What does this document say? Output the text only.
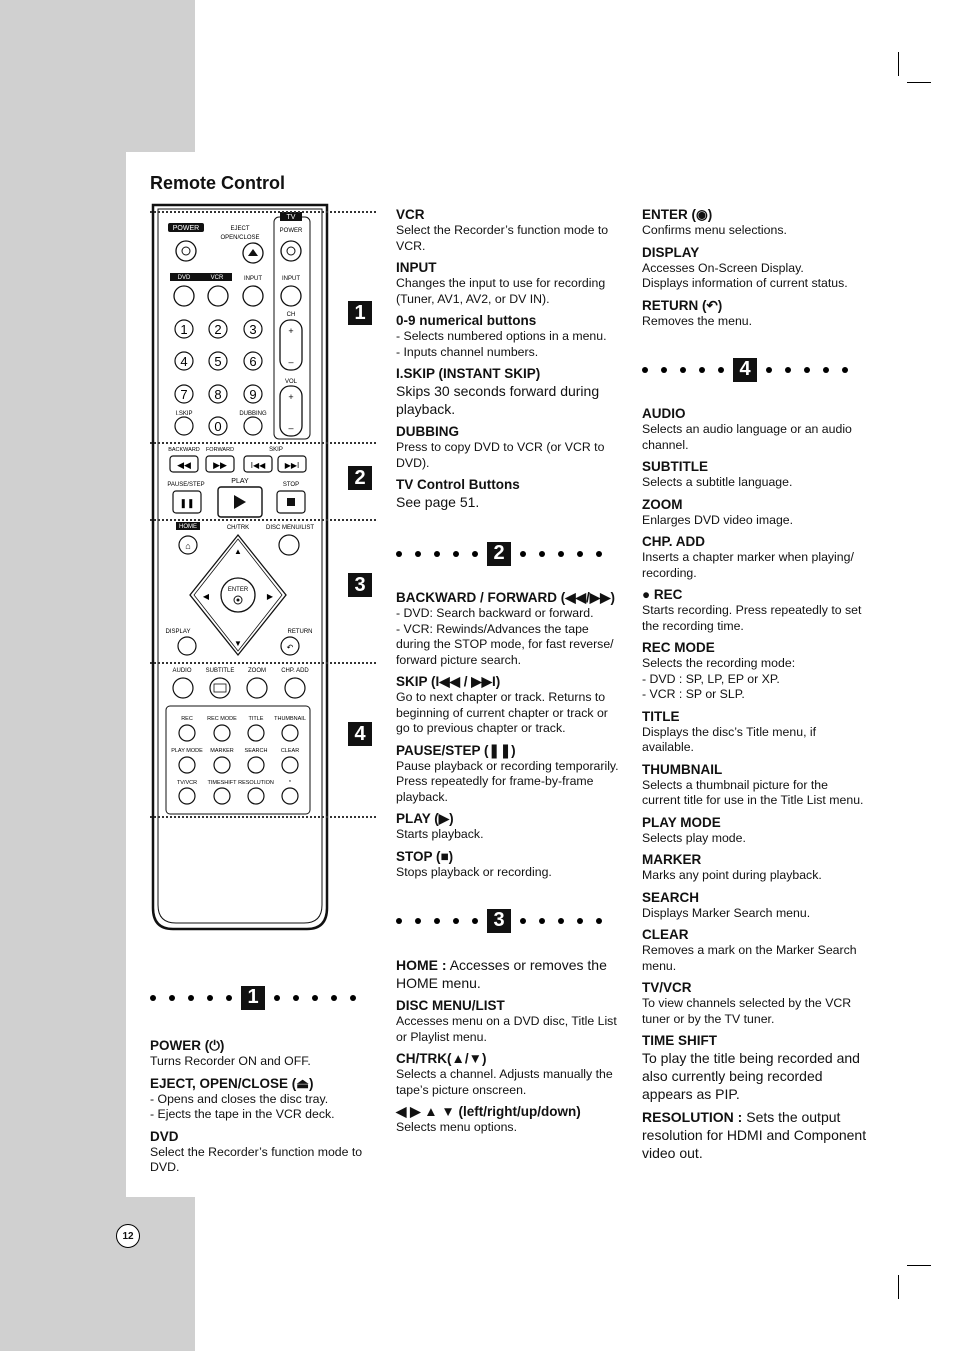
Remote Control
TV
POWER	EJECT
OPEN/CLOSE
POWER
DVD	VCR	INPUT	INPUT
CH
+
–
VOL
+
–
1 2 3
4 5 6
7 8 9
0
I.SKIP	DUBBING
BACKWARD FORWARD	SKIP
◀◀ ▶▶	I◀◀ ▶▶I
PAUSE/STEP	PLAY	STOP
❚❚
HOME	CH/TRK	DISC MENU/LIST
⌂
▲
▼
◀	▶
ENTER
DISPLAY	RETURN
↶
AUDIO SUBTITLE ZOOM	CHP. ADD
REC	REC MODE TITLE THUMBNAIL
PLAY MODE MARKER SEARCH CLEAR
TV/VCR TIMESHIFT RESOLUTION	*
1
2
3
4
1
POWER (⏻)

Turns Recorder ON and OFF.

EJECT, OPEN/CLOSE (⏏)

- Opens and closes the disc tray.

- Ejects the tape in the VCR deck.

DVD

Select the Recorder’s function mode to DVD.

VCR

Select the Recorder’s function mode to VCR.

INPUT

Changes the input to use for recording (Tuner, AV1, AV2, or DV IN).

0-9 numerical buttons

- Selects numbered options in a menu.

- Inputs channel numbers.

I.SKIP (INSTANT SKIP)

Skips 30 seconds forward during playback.

DUBBING

Press to copy DVD to VCR (or VCR to DVD).

TV Control Buttons

See page 51.

2
BACKWARD / FORWARD (◀◀/▶▶)

- DVD: Search backward or forward.

- VCR: Rewinds/Advances the tape during the STOP mode, for fast reverse/ forward picture search.

SKIP (I◀◀ / ▶▶I)

Go to next chapter or track. Returns to beginning of current chapter or track or go to previous chapter or track.

PAUSE/STEP (❚❚)

Pause playback or recording temporarily.

Press repeatedly for frame-by-frame playback.

PLAY (▶)

Starts playback.

STOP (■)

Stops playback or recording.

3

HOME : Accesses or removes the HOME menu.

DISC MENU/LIST

Accesses menu on a DVD disc, Title List or Playlist menu.

CH/TRK(▲/▼)

Selects a channel. Adjusts manually the tape’s picture onscreen.

◀ ▶ ▲ ▼ (left/right/up/down)

Selects menu options.

ENTER (◉)

Confirms menu selections.

DISPLAY

Accesses On-Screen Display.

Displays information of current status.

RETURN (↶)

Removes the menu.

4
AUDIO

Selects an audio language or an audio channel.

SUBTITLE

Selects a subtitle language.

ZOOM

Enlarges DVD video image.

CHP. ADD

Inserts a chapter marker when playing/ recording.

● REC

Starts recording. Press repeatedly to set the recording time.

REC MODE

Selects the recording mode:

- DVD : SP, LP, EP or XP.

- VCR : SP or SLP.

TITLE

Displays the disc’s Title menu, if available.

THUMBNAIL

Selects a thumbnail picture for the current title for use in the Title List menu.

PLAY MODE

Selects play mode.

MARKER

Marks any point during playback.

SEARCH

Displays Marker Search menu.

CLEAR

Removes a mark on the Marker Search menu.

TV/VCR

To view channels selected by the VCR tuner or by the TV tuner.

TIME SHIFT

To play the title being recorded and also currently being recorded appears as PIP.

RESOLUTION : Sets the output resolution for HDMI and Component video out.

12
